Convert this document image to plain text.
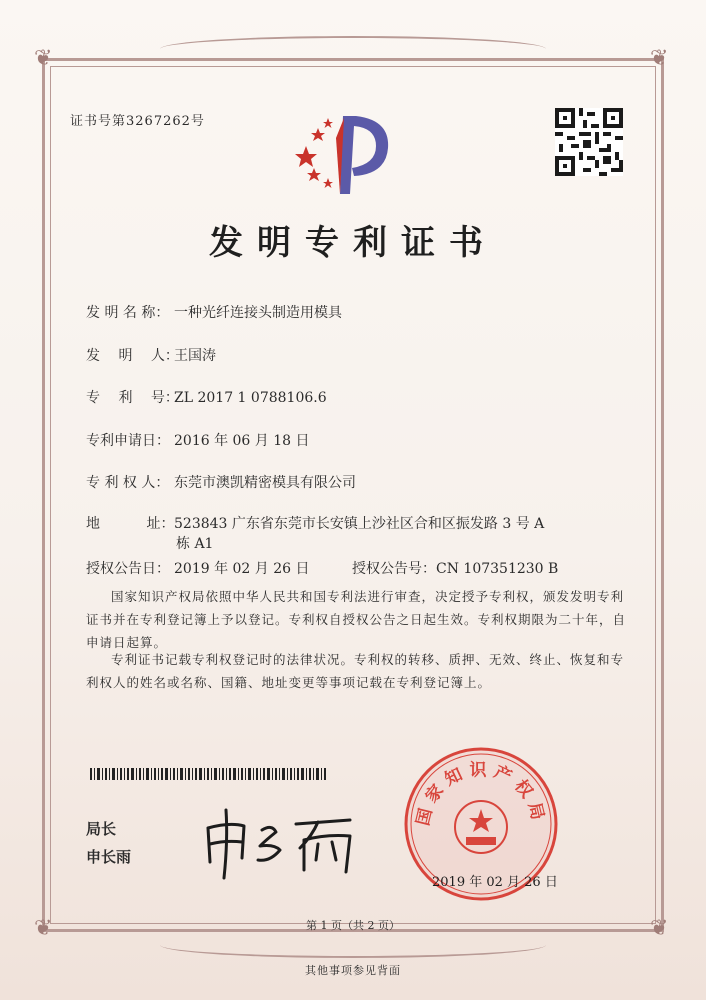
❦	❦
❦	❦
证书号第3267262号
发明专利证书
发 明 名 称： 一种光纤连接头制造用模具
发　 明 　人：王国涛
专　 利 　号：ZL 2017 1 0788106.6
专利申请日： 2016 年 06 月 18 日
专 利 权 人： 东莞市澳凯精密模具有限公司
地　　　 址：523843 广东省东莞市长安镇上沙社区合和区振发路 3 号 A
栋 A1
授权公告日： 2019 年 02 月 26 日	授权公告号：CN 107351230 B
国家知识产权局依照中华人民共和国专利法进行审查，决定授予专利权，颁发发明专利证书并在专利登记簿上予以登记。专利权自授权公告之日起生效。专利权期限为二十年，自申请日起算。
专利证书记载专利权登记时的法律状况。专利权的转移、质押、无效、终止、恢复和专利权人的姓名或名称、国籍、地址变更等事项记载在专利登记簿上。
局长
申长雨
国家知识产权局
2019 年 02 月 26 日
第 1 页（共 2 页）
其他事项参见背面
